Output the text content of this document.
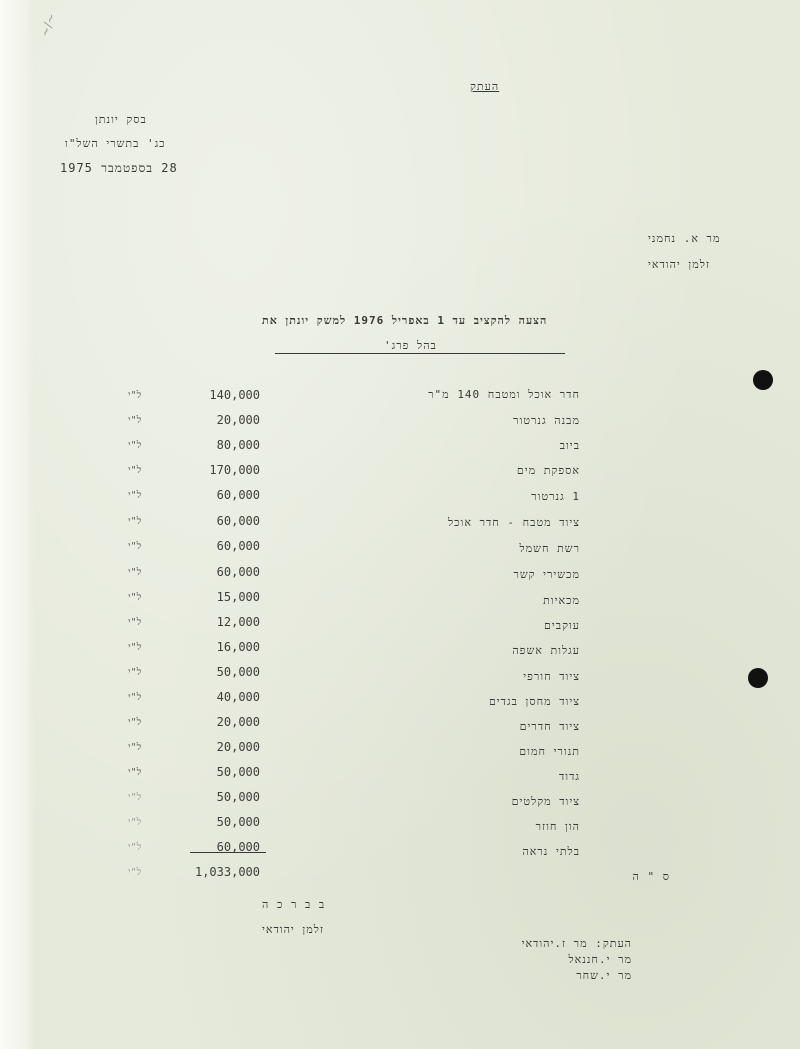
~/~
העתק
בסק יונתן
כג' בתשרי השל"ו
28 בספטמבר 1975
מר א. נחמני
זלמן יהודאי
הצעה להקציב עד 1 באפריל 1976 למשק יונתן את
בהל פרג'
חדר אוכל ומטבח 140 מ"ר
140,000
ל"י
מבנה גנרטור
20,000
ל"י
ביוב
80,000
ל"י
אספקת מים
170,000
ל"י
1 גנרטור
60,000
ל"י
ציוד מטבח - חדר אוכל
60,000
ל"י
רשת חשמל
60,000
ל"י
מכשירי קשר
60,000
ל"י
מכאיות
15,000
ל"י
עוקבים
12,000
ל"י
עגלות אשפה
16,000
ל"י
ציוד חורפי
50,000
ל"י
ציוד מחסן בגדים
40,000
ל"י
ציוד חדרים
20,000
ל"י
תנורי חמום
20,000
ל"י
גדוד
50,000
ל"י
ציוד מקלטים
50,000
ל"י
הון חוזר
50,000
ל"י
בלתי נראה
60,000
ל"י
ס " ה
1,033,000
ל"י
ב ב ר כ ה
זלמן יהודאי
העתק: מר ז.יהודאי
מר י.חננאל
מר י.שחר
